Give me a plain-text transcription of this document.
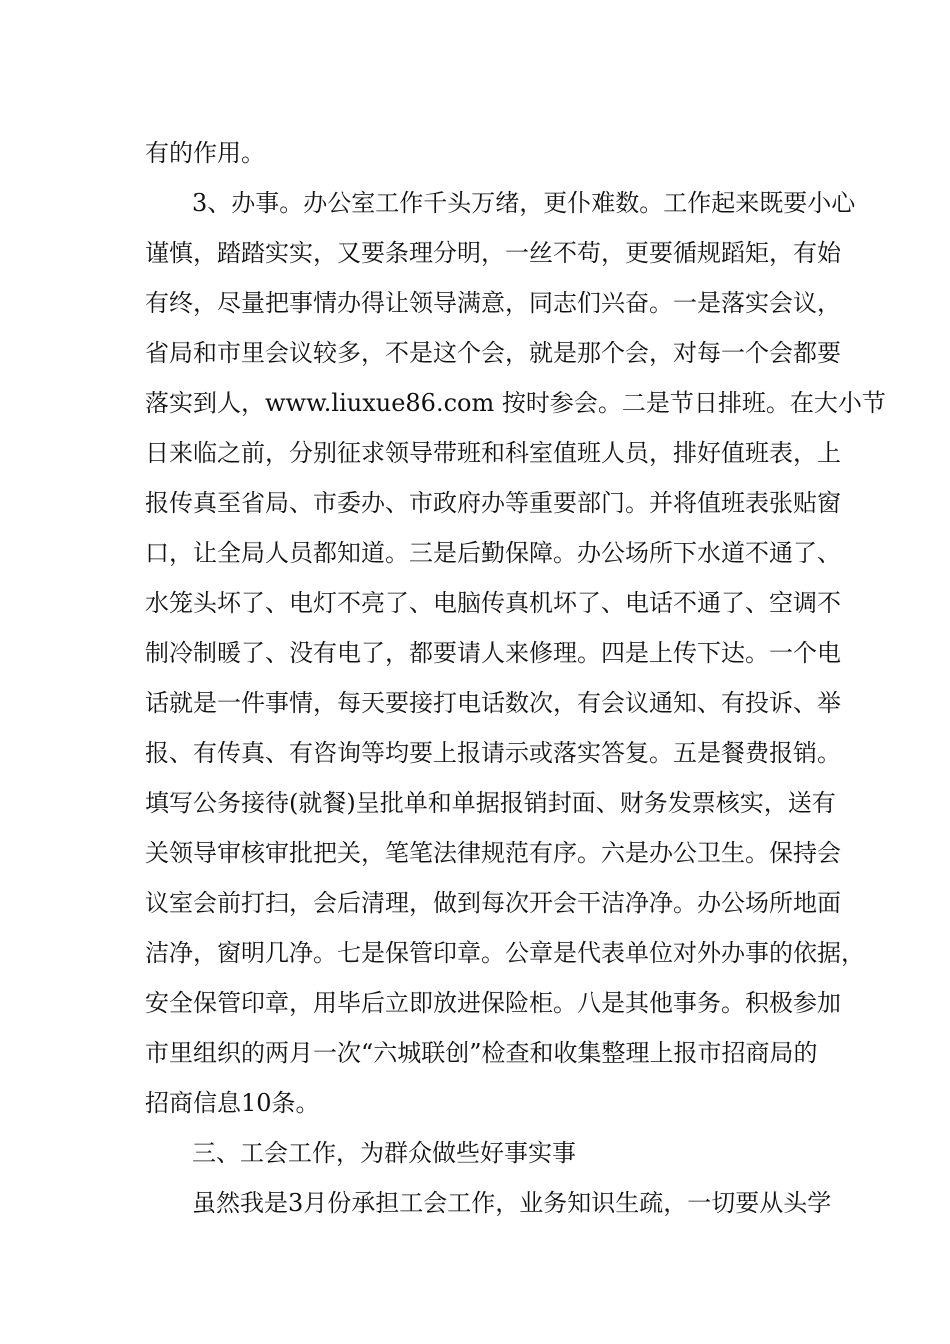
有的作用。
3、办事。办公室工作千头万绪，更仆难数。工作起来既要小心
谨慎，踏踏实实，又要条理分明，一丝不苟，更要循规蹈矩，有始
有终，尽量把事情办得让领导满意，同志们兴奋。一是落实会议，
省局和市里会议较多，不是这个会，就是那个会，对每一个会都要
落实到人，www.liuxue86.com 按时参会。二是节日排班。在大小节
日来临之前，分别征求领导带班和科室值班人员，排好值班表，上
报传真至省局、市委办、市政府办等重要部门。并将值班表张贴窗
口，让全局人员都知道。三是后勤保障。办公场所下水道不通了、
水笼头坏了、电灯不亮了、电脑传真机坏了、电话不通了、空调不
制冷制暖了、没有电了，都要请人来修理。四是上传下达。一个电
话就是一件事情，每天要接打电话数次，有会议通知、有投诉、举
报、有传真、有咨询等均要上报请示或落实答复。五是餐费报销。
填写公务接待(就餐)呈批单和单据报销封面、财务发票核实，送有
关领导审核审批把关，笔笔法律规范有序。六是办公卫生。保持会
议室会前打扫，会后清理，做到每次开会干洁净净。办公场所地面
洁净，窗明几净。七是保管印章。公章是代表单位对外办事的依据，
安全保管印章，用毕后立即放进保险柜。八是其他事务。积极参加
市里组织的两月一次“六城联创”检查和收集整理上报市招商局的
招商信息10条。
三、工会工作，为群众做些好事实事
虽然我是3月份承担工会工作，业务知识生疏，一切要从头学
